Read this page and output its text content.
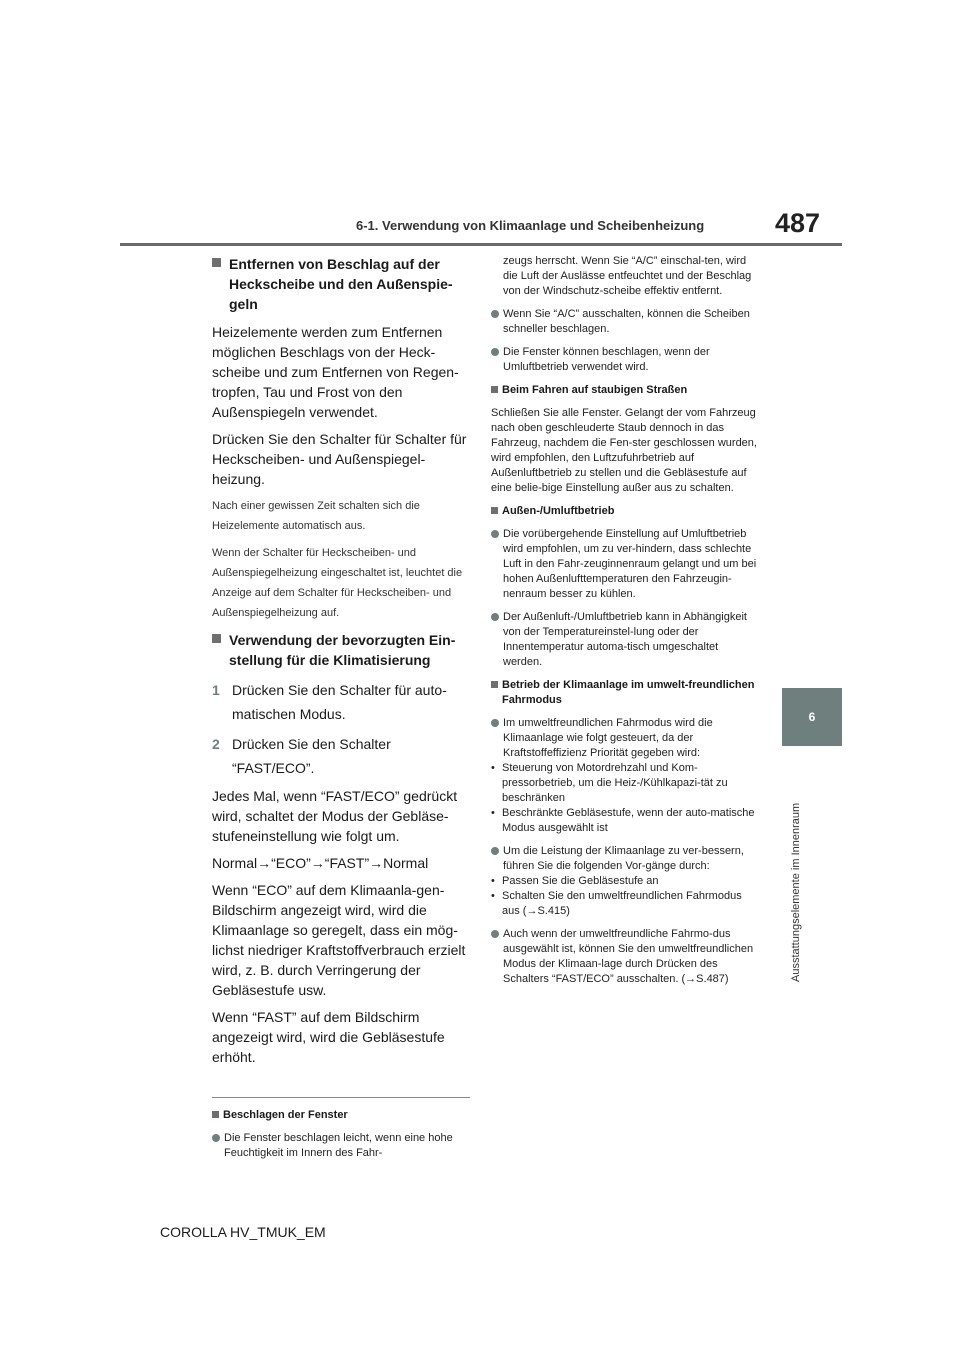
487
6-1. Verwendung von Klimaanlage und Scheibenheizung
6
Ausstattungselemente im Innenraum
Entfernen von Beschlag auf der Heckscheibe und den Außenspie-geln

Heizelemente werden zum Entfernen möglichen Beschlags von der Heck-scheibe und zum Entfernen von Regen-tropfen, Tau und Frost von den Außenspiegeln verwendet.

Drücken Sie den Schalter für Schalter für Heckscheiben- und Außenspiegel-heizung.

Nach einer gewissen Zeit schalten sich die Heizelemente automatisch aus.

Wenn der Schalter für Heckscheiben- und Außenspiegelheizung eingeschaltet ist, leuchtet die Anzeige auf dem Schalter für Heckscheiben- und Außenspiegelheizung auf.

Verwendung der bevorzugten Ein-stellung für die Klimatisierung
1 Drücken Sie den Schalter für auto-matischen Modus.
2 Drücken Sie den Schalter “FAST/ECO”.

Jedes Mal, wenn “FAST/ECO” gedrückt wird, schaltet der Modus der Gebläse-stufeneinstellung wie folgt um.

Normal→“ECO”→“FAST”→Normal

Wenn “ECO” auf dem Klimaanla-gen-Bildschirm angezeigt wird, wird die Klimaanlage so geregelt, dass ein mög-lichst niedriger Kraftstoffverbrauch erzielt wird, z. B. durch Verringerung der Gebläsestufe usw.

Wenn “FAST” auf dem Bildschirm angezeigt wird, wird die Gebläsestufe erhöht.

Beschlagen der Fenster
Die Fenster beschlagen leicht, wenn eine hohe Feuchtigkeit im Innern des Fahr-

zeugs herrscht. Wenn Sie “A/C” einschal-ten, wird die Luft der Auslässe entfeuchtet und der Beschlag von der Windschutz-scheibe effektiv entfernt.

Wenn Sie “A/C” ausschalten, können die Scheiben schneller beschlagen.
Die Fenster können beschlagen, wenn der Umluftbetrieb verwendet wird.
Beim Fahren auf staubigen Straßen

Schließen Sie alle Fenster. Gelangt der vom Fahrzeug nach oben geschleuderte Staub dennoch in das Fahrzeug, nachdem die Fen-ster geschlossen wurden, wird empfohlen, den Luftzufuhrbetrieb auf Außenluftbetrieb zu stellen und die Gebläsestufe auf eine belie-bige Einstellung außer aus zu schalten.

Außen-/Umluftbetrieb
Die vorübergehende Einstellung auf Umluftbetrieb wird empfohlen, um zu ver-hindern, dass schlechte Luft in den Fahr-zeuginnenraum gelangt und um bei hohen Außenlufttemperaturen den Fahrzeugin-nenraum besser zu kühlen.
Der Außenluft-/Umluftbetrieb kann in Abhängigkeit von der Temperatureinstel-lung oder der Innentemperatur automa-tisch umgeschaltet werden.
Betrieb der Klimaanlage im umwelt-freundlichen Fahrmodus
Im umweltfreundlichen Fahrmodus wird die Klimaanlage wie folgt gesteuert, da der Kraftstoffeffizienz Priorität gegeben wird:

• Steuerung von Motordrehzahl und Kom-pressorbetrieb, um die Heiz-/Kühlkapazi-tät zu beschränken

• Beschränkte Gebläsestufe, wenn der auto-matische Modus ausgewählt ist

Um die Leistung der Klimaanlage zu ver-bessern, führen Sie die folgenden Vor-gänge durch:

• Passen Sie die Gebläsestufe an

• Schalten Sie den umweltfreundlichen Fahrmodus aus (→S.415)

Auch wenn der umweltfreundliche Fahrmo-dus ausgewählt ist, können Sie den umweltfreundlichen Modus der Klimaan-lage durch Drücken des Schalters “FAST/ECO” ausschalten. (→S.487)
COROLLA HV_TMUK_EM
